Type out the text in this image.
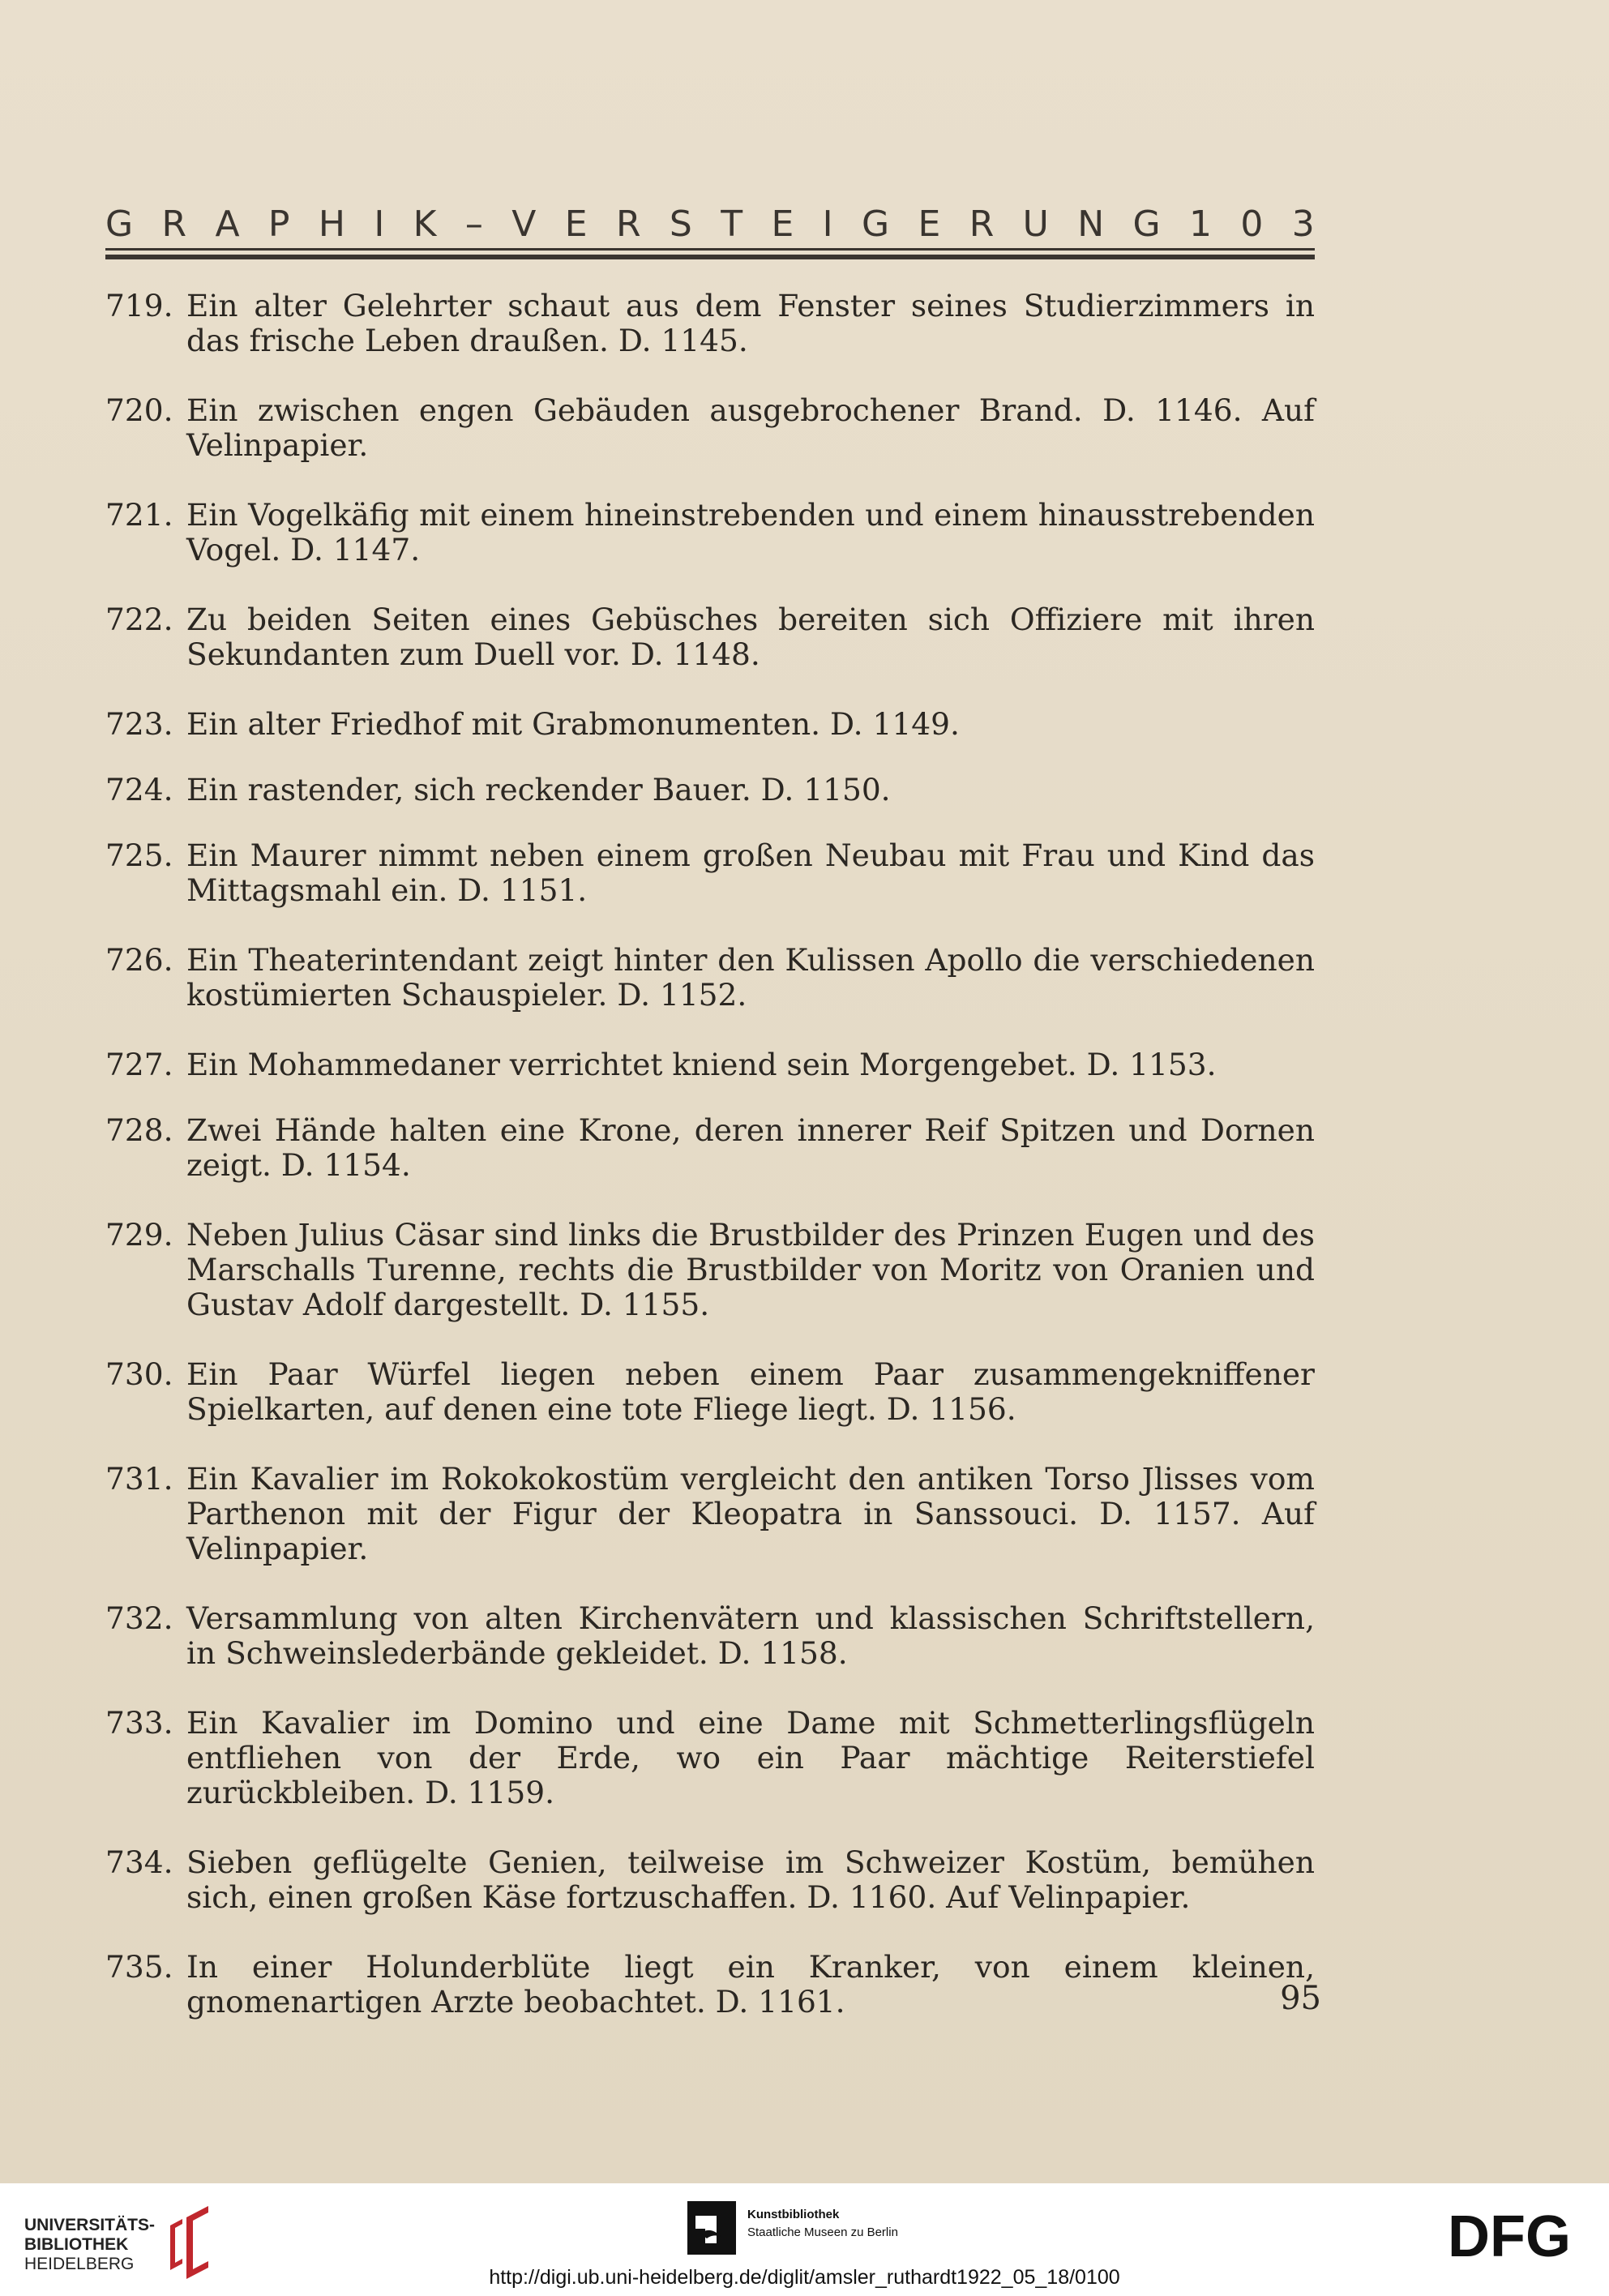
G R A P H I K – V E R S T E I G E R U N G 1 0 3
719. Ein alter Gelehrter schaut aus dem Fenster seines Studierzimmers in das frische Leben draußen. D. 1145.
720. Ein zwischen engen Gebäuden ausgebrochener Brand. D. 1146. Auf Velinpapier.
721. Ein Vogelkäfig mit einem hineinstrebenden und einem hinausstrebenden Vogel. D. 1147.
722. Zu beiden Seiten eines Gebüsches bereiten sich Offiziere mit ihren Sekundanten zum Duell vor. D. 1148.
723. Ein alter Friedhof mit Grabmonumenten. D. 1149.
724. Ein rastender, sich reckender Bauer. D. 1150.
725. Ein Maurer nimmt neben einem großen Neubau mit Frau und Kind das Mittagsmahl ein. D. 1151.
726. Ein Theaterintendant zeigt hinter den Kulissen Apollo die verschiedenen kostümierten Schauspieler. D. 1152.
727. Ein Mohammedaner verrichtet kniend sein Morgengebet. D. 1153.
728. Zwei Hände halten eine Krone, deren innerer Reif Spitzen und Dornen zeigt. D. 1154.
729. Neben Julius Cäsar sind links die Brustbilder des Prinzen Eugen und des Marschalls Turenne, rechts die Brustbilder von Moritz von Oranien und Gustav Adolf dargestellt. D. 1155.
730. Ein Paar Würfel liegen neben einem Paar zusammengekniffener Spielkarten, auf denen eine tote Fliege liegt. D. 1156.
731. Ein Kavalier im Rokokokostüm vergleicht den antiken Torso Jlisses vom Parthenon mit der Figur der Kleopatra in Sanssouci. D. 1157. Auf Velinpapier.
732. Versammlung von alten Kirchenvätern und klassischen Schriftstellern, in Schweinslederbände gekleidet. D. 1158.
733. Ein Kavalier im Domino und eine Dame mit Schmetterlingsflügeln entfliehen von der Erde, wo ein Paar mächtige Reiterstiefel zurückbleiben. D. 1159.
734. Sieben geflügelte Genien, teilweise im Schweizer Kostüm, bemühen sich, einen großen Käse fortzuschaffen. D. 1160. Auf Velinpapier.
735. In einer Holunderblüte liegt ein Kranker, von einem kleinen, gnomenartigen Arzte beobachtet. D. 1161.	95
UNIVERSITÄTS-
BIBLIOTHEK
HEIDELBERG
Kunstbibliothek
Staatliche Museen zu Berlin	DFG
http://digi.ub.uni-heidelberg.de/diglit/amsler_ruthardt1922_05_18/0100
